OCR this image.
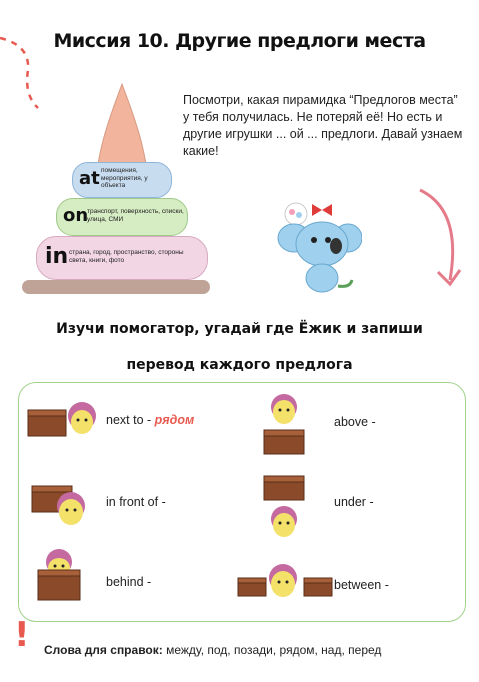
Миссия 10. Другие предлоги места
at помещения, мероприятия, у объекта
on
транспорт, поверхность, списки, улица, СМИ
in страна, город, пространство, стороны света, книги, фото
Посмотри, какая пирамидка “Предлогов места” у тебя получилась. Не потеряй её! Но есть и другие игрушки ... ой ... предлоги. Давай узнаем какие!
Изучи помогатор, угадай где Ёжик и запиши
перевод каждого предлога
next to - рядом	above -
in front of -	under -
behind -	between -
! Слова для справок: между, под, позади, рядом, над, перед
